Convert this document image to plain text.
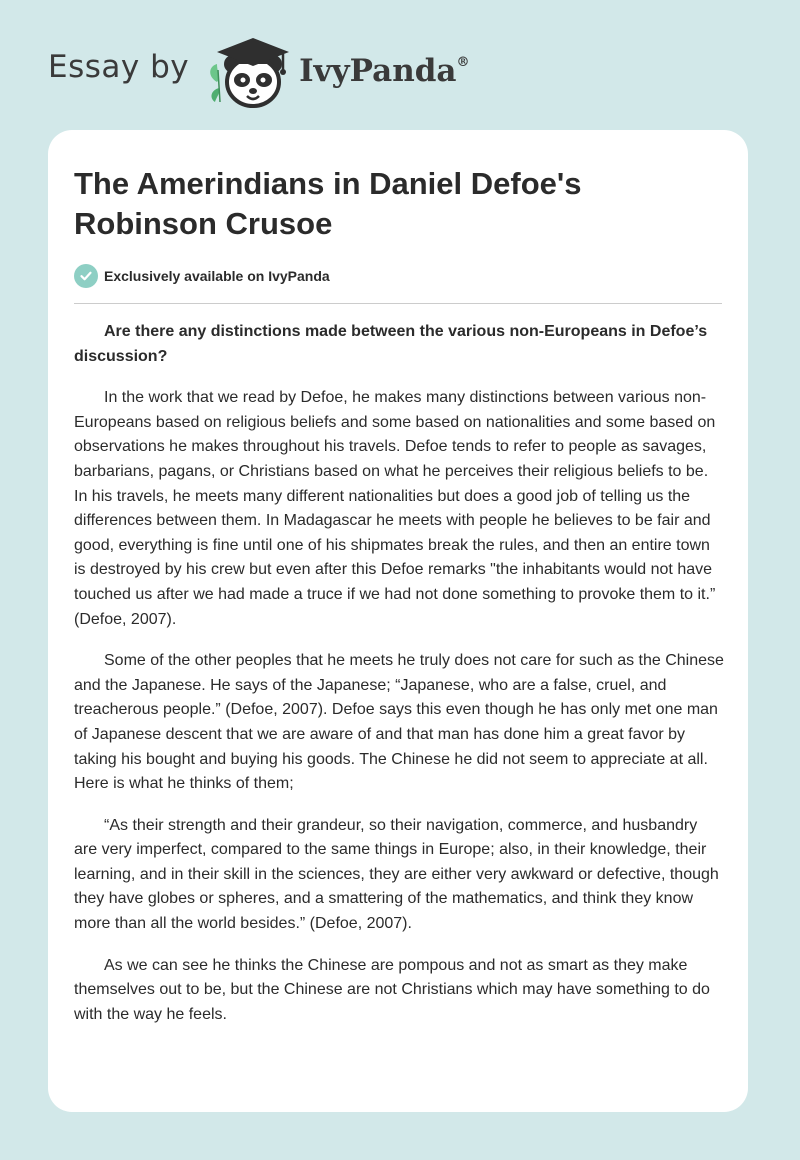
Essay by	IvyPanda®
The Amerindians in Daniel Defoe's Robinson Crusoe
Exclusively available on IvyPanda

Are there any distinctions made between the various non-Europeans in Defoe’s discussion?

In the work that we read by Defoe, he makes many distinctions between various non-Europeans based on religious beliefs and some based on nationalities and some based on observations he makes throughout his travels. Defoe tends to refer to people as savages, barbarians, pagans, or Christians based on what he perceives their religious beliefs to be. In his travels, he meets many different nationalities but does a good job of telling us the differences between them. In Madagascar he meets with people he believes to be fair and good, everything is fine until one of his shipmates break the rules, and then an entire town is destroyed by his crew but even after this Defoe remarks "the inhabitants would not have touched us after we had made a truce if we had not done something to provoke them to it.” (Defoe, 2007).

Some of the other peoples that he meets he truly does not care for such as the Chinese and the Japanese. He says of the Japanese; “Japanese, who are a false, cruel, and treacherous people.” (Defoe, 2007). Defoe says this even though he has only met one man of Japanese descent that we are aware of and that man has done him a great favor by taking his bought and buying his goods. The Chinese he did not seem to appreciate at all. Here is what he thinks of them;

“As their strength and their grandeur, so their navigation, commerce, and husbandry are very imperfect, compared to the same things in Europe; also, in their knowledge, their learning, and in their skill in the sciences, they are either very awkward or defective, though they have globes or spheres, and a smattering of the mathematics, and think they know more than all the world besides.” (Defoe, 2007).

As we can see he thinks the Chinese are pompous and not as smart as they make themselves out to be, but the Chinese are not Christians which may have something to do with the way he feels.
